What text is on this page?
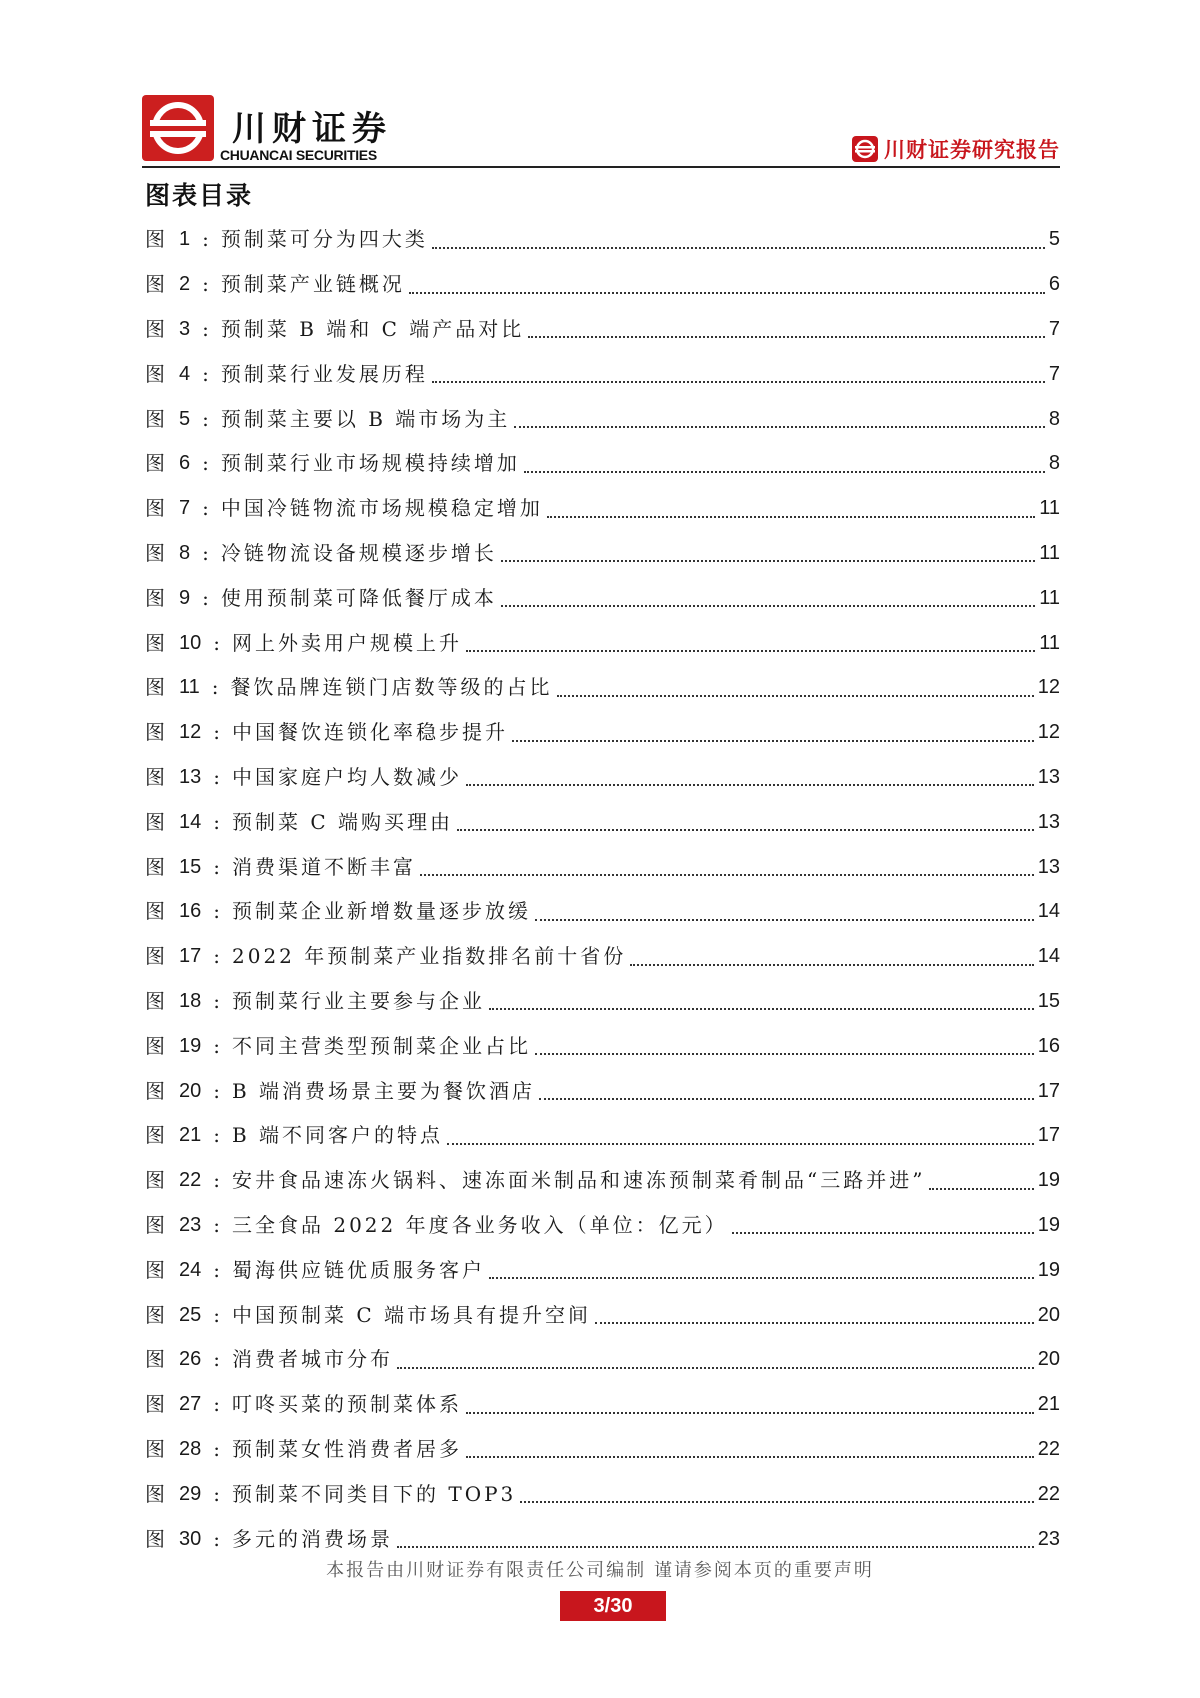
川财证券
CHUANCAI SECURITIES	川财证券研究报告
图表目录
图 1 : 预制菜可分为四大类	5
图 2 : 预制菜产业链概况	6
图 3 : 预制菜 B 端和 C 端产品对比	7
图 4 : 预制菜行业发展历程	7
图 5 : 预制菜主要以 B 端市场为主	8
图 6 : 预制菜行业市场规模持续增加	8
图 7 : 中国冷链物流市场规模稳定增加	11
图 8 : 冷链物流设备规模逐步增长	11
图 9 : 使用预制菜可降低餐厅成本	11
图 10 : 网上外卖用户规模上升	11
图 11 : 餐饮品牌连锁门店数等级的占比	12
图 12 : 中国餐饮连锁化率稳步提升	12
图 13 : 中国家庭户均人数减少	13
图 14 : 预制菜 C 端购买理由	13
图 15 : 消费渠道不断丰富	13
图 16 : 预制菜企业新增数量逐步放缓	14
图 17 : 2022 年预制菜产业指数排名前十省份	14
图 18 : 预制菜行业主要参与企业	15
图 19 : 不同主营类型预制菜企业占比	16
图 20 : B 端消费场景主要为餐饮酒店	17
图 21 : B 端不同客户的特点	17
图 22 : 安井食品速冻火锅料、速冻面米制品和速冻预制菜肴制品“三路并进”	19
图 23 : 三全食品 2022 年度各业务收入（单位：亿元）	19
图 24 : 蜀海供应链优质服务客户	19
图 25 : 中国预制菜 C 端市场具有提升空间	20
图 26 : 消费者城市分布	20
图 27 : 叮咚买菜的预制菜体系	21
图 28 : 预制菜女性消费者居多	22
图 29 : 预制菜不同类目下的 TOP3	22
图 30 : 多元的消费场景	23
本报告由川财证券有限责任公司编制 谨请参阅本页的重要声明
3/30
